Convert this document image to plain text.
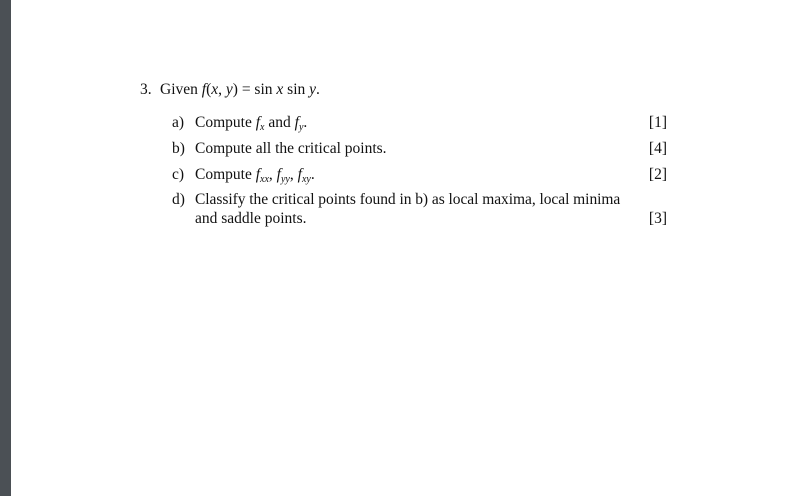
3. Given f(x, y) = sin x sin y.
a) Compute $f_x$ and $f_y$.	[1]
b) Compute all the critical points.	[4]
c) Compute $f_{xx}$, $f_{yy}$, $f_{xy}$.	[2]
d) Classify the critical points found in b) as local maxima, local minima
and saddle points.	[3]
